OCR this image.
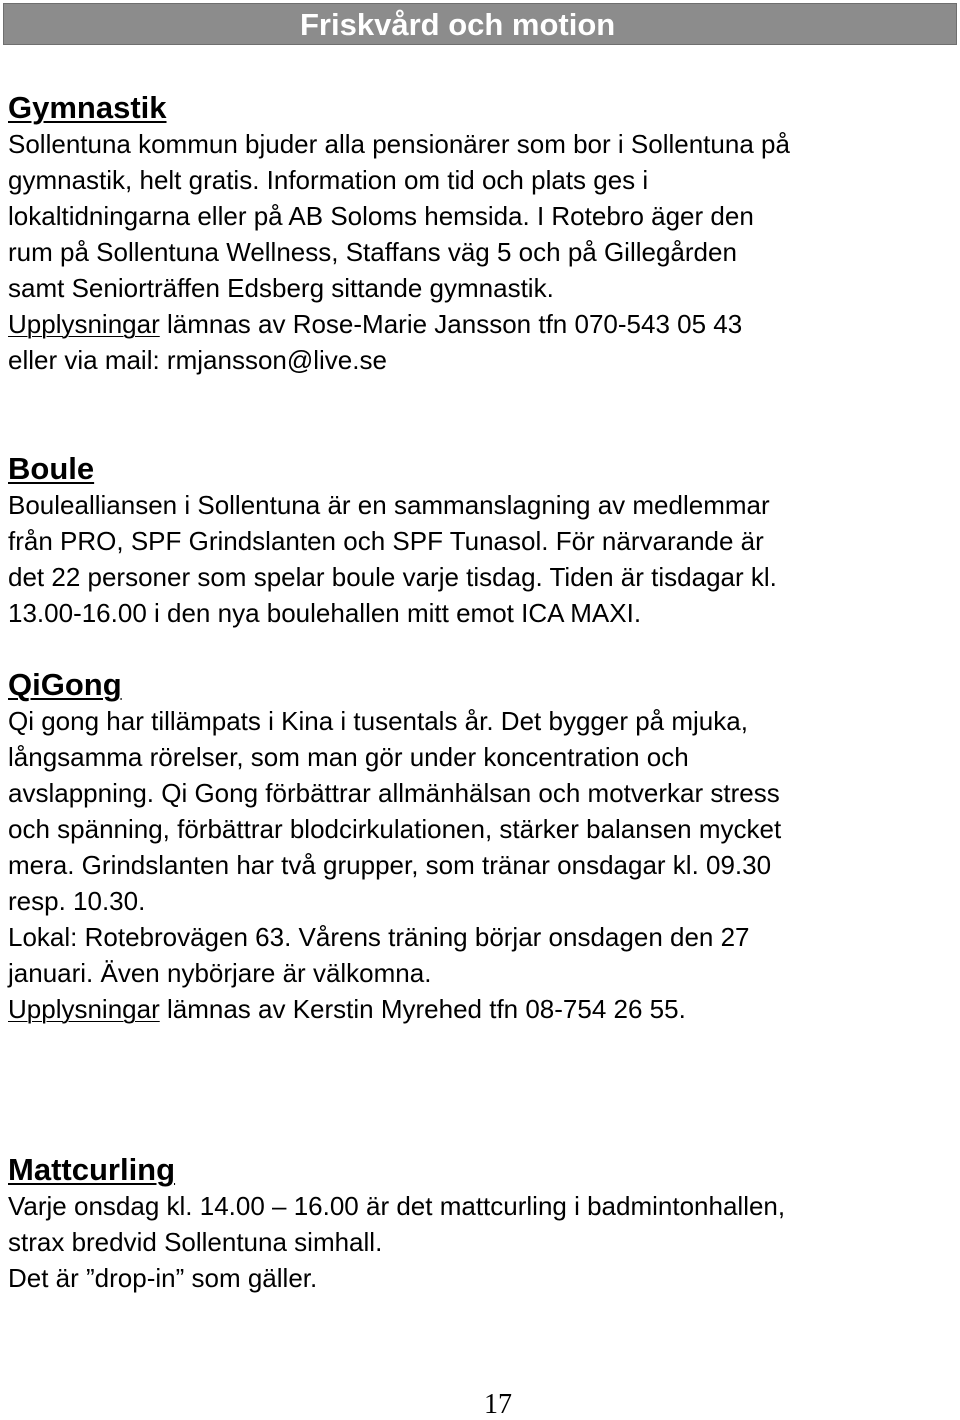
Friskvård och motion
Gymnastik

Sollentuna kommun bjuder alla pensionärer som bor i Sollentuna på
gymnastik, helt gratis. Information om tid och plats ges i
lokaltidningarna eller på AB Soloms hemsida. I Rotebro äger den
rum på Sollentuna Wellness, Staffans väg 5 och på Gillegården
samt Seniorträffen Edsberg sittande gymnastik.

Upplysningar lämnas av Rose-Marie Jansson tfn 070-543 05 43

eller via mail: rmjansson@live.se

Boule

Boulealliansen i Sollentuna är en sammanslagning av medlemmar
från PRO, SPF Grindslanten och SPF Tunasol. För närvarande är
det 22 personer som spelar boule varje tisdag. Tiden är tisdagar kl.
13.00-16.00 i den nya boulehallen mitt emot ICA MAXI.

QiGong

Qi gong har tillämpats i Kina i tusentals år. Det bygger på mjuka,
långsamma rörelser, som man gör under koncentration och
avslappning. Qi Gong förbättrar allmänhälsan och motverkar stress
och spänning, förbättrar blodcirkulationen, stärker balansen mycket
mera. Grindslanten har två grupper, som tränar onsdagar kl. 09.30
resp. 10.30.
Lokal: Rotebrovägen 63. Vårens träning börjar onsdagen den 27
januari. Även nybörjare är välkomna.

Upplysningar lämnas av Kerstin Myrehed tfn 08-754 26 55.

Mattcurling

Varje onsdag kl. 14.00 – 16.00 är det mattcurling i badmintonhallen,
strax bredvid Sollentuna simhall.
Det är ”drop-in” som gäller.

17
